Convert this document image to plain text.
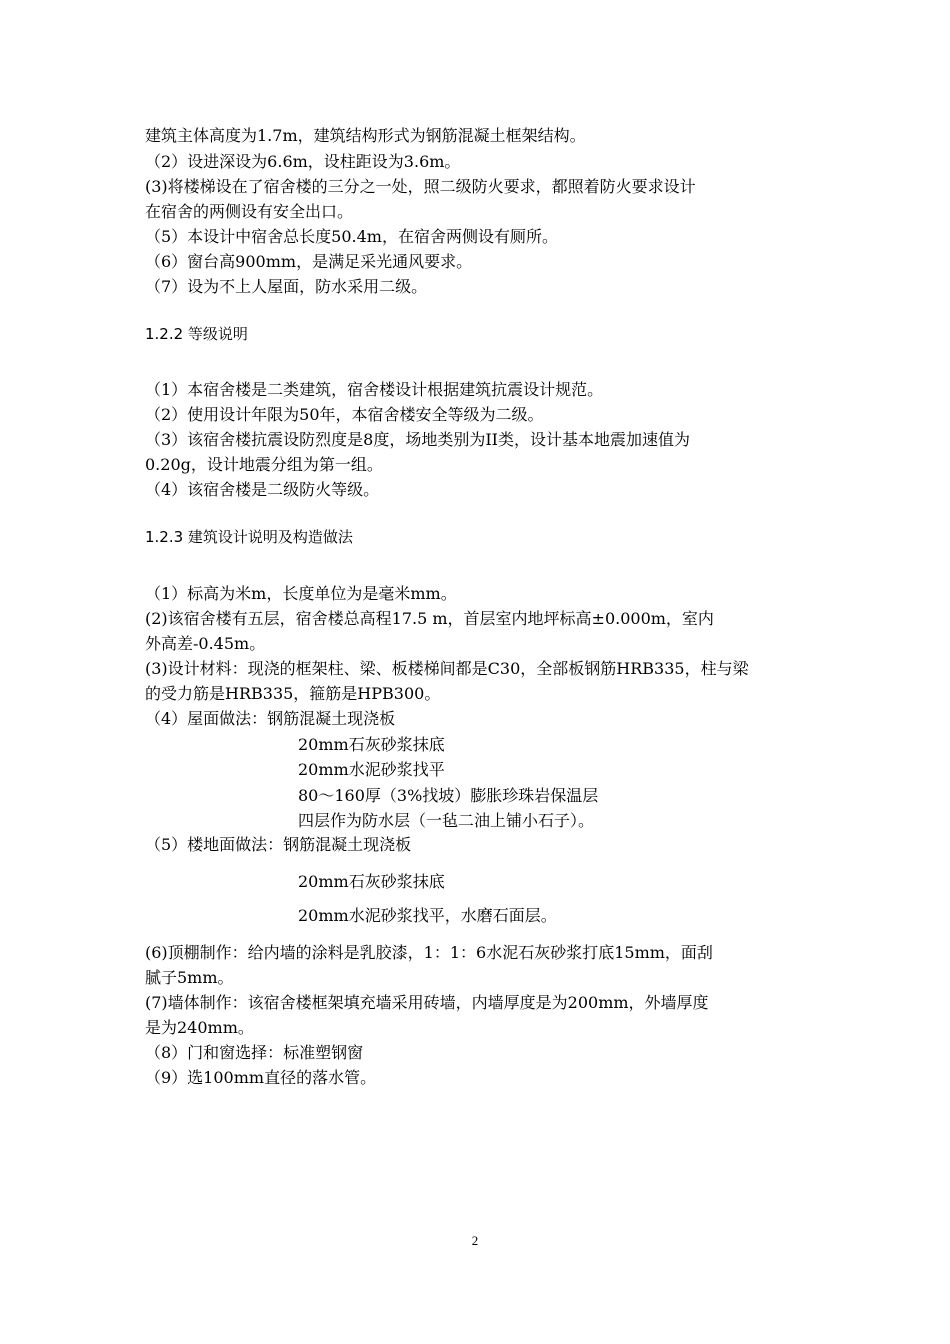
建筑主体高度为1.7m，建筑结构形式为钢筋混凝土框架结构。
（2）设进深设为6.6m，设柱距设为3.6m。
(3)将楼梯设在了宿舍楼的三分之一处，照二级防火要求，都照着防火要求设计
在宿舍的两侧设有安全出口。
（5）本设计中宿舍总长度50.4m，在宿舍两侧设有厕所。
（6）窗台高900mm，是满足采光通风要求。
（7）设为不上人屋面，防水采用二级。
1.2.2 等级说明
（1）本宿舍楼是二类建筑，宿舍楼设计根据建筑抗震设计规范。
（2）使用设计年限为50年，本宿舍楼安全等级为二级。
（3）该宿舍楼抗震设防烈度是8度，场地类别为II类，设计基本地震加速值为
0.20g，设计地震分组为第一组。
（4）该宿舍楼是二级防火等级。
1.2.3 建筑设计说明及构造做法
（1）标高为米m，长度单位为是毫米mm。
(2)该宿舍楼有五层，宿舍楼总高程17.5 m，首层室内地坪标高±0.000m，室内
外高差-0.45m。
(3)设计材料：现浇的框架柱、梁、板楼梯间都是C30，全部板钢筋HRB335，柱与梁
的受力筋是HRB335，箍筋是HPB300。
（4）屋面做法：钢筋混凝土现浇板
20mm石灰砂浆抹底
20mm水泥砂浆找平
80～160厚（3%找坡）膨胀珍珠岩保温层
四层作为防水层（一毡二油上铺小石子）。
（5）楼地面做法：钢筋混凝土现浇板
20mm石灰砂浆抹底
20mm水泥砂浆找平，水磨石面层。
(6)顶棚制作：给内墙的涂料是乳胶漆，1：1：6水泥石灰砂浆打底15mm，面刮
腻子5mm。
(7)墙体制作：该宿舍楼框架填充墙采用砖墙，内墙厚度是为200mm，外墙厚度
是为240mm。
（8）门和窗选择：标准塑钢窗
（9）选100mm直径的落水管。
2
